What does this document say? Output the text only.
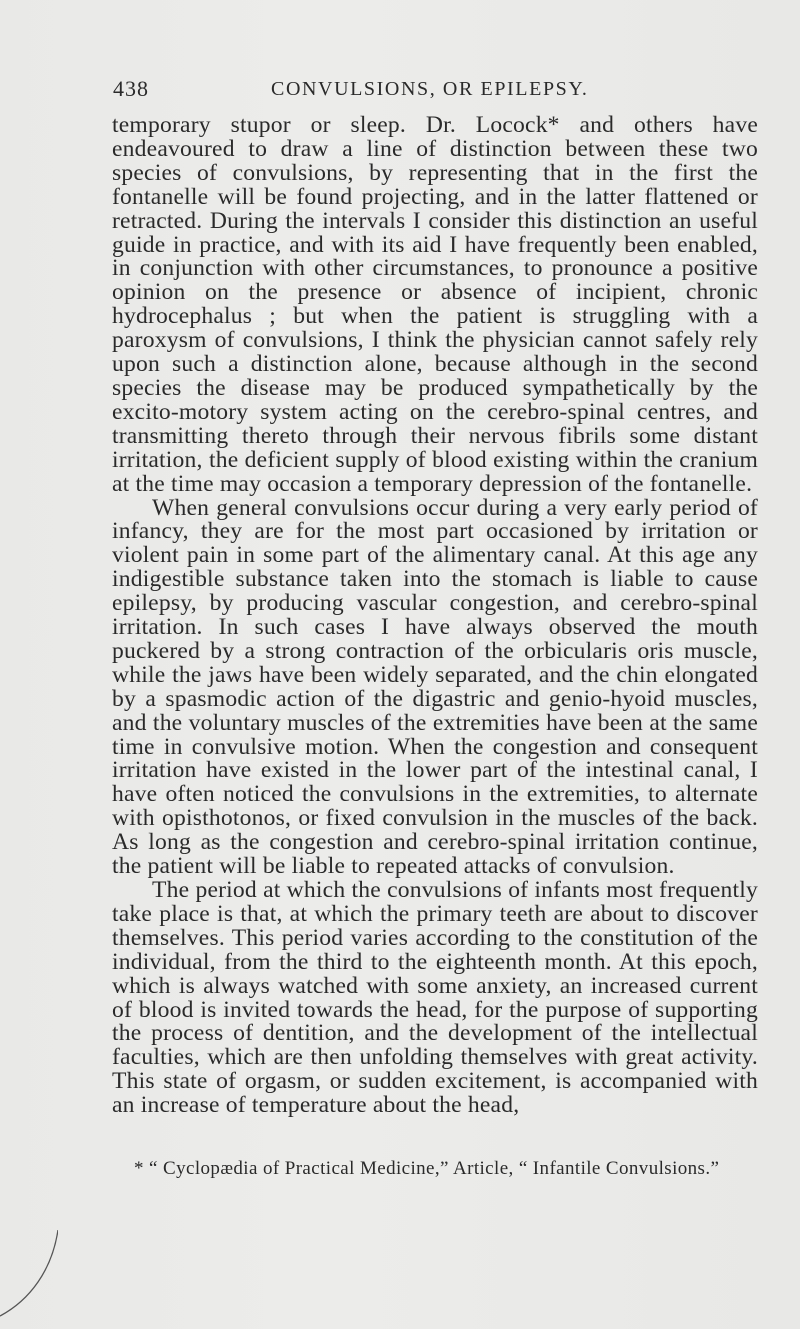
438	CONVULSIONS, OR EPILEPSY.

temporary stupor or sleep. Dr. Locock* and others have endeavoured to draw a line of distinction between these two species of convulsions, by representing that in the first the fontanelle will be found projecting, and in the latter flattened or retracted. During the intervals I consider this distinction an useful guide in practice, and with its aid I have frequently been enabled, in conjunction with other circumstances, to pronounce a positive opinion on the presence or absence of incipient, chronic hydrocephalus ; but when the patient is struggling with a paroxysm of convulsions, I think the physician cannot safely rely upon such a distinction alone, because although in the second species the disease may be produced sympathetically by the excito-motory system acting on the cerebro-spinal centres, and transmitting thereto through their nervous fibrils some distant irritation, the deficient supply of blood existing within the cranium at the time may occasion a temporary depression of the fontanelle.

When general convulsions occur during a very early period of infancy, they are for the most part occasioned by irritation or violent pain in some part of the alimentary canal. At this age any indigestible substance taken into the stomach is liable to cause epilepsy, by producing vascular congestion, and cerebro-spinal irritation. In such cases I have always observed the mouth puckered by a strong contraction of the orbicularis oris muscle, while the jaws have been widely separated, and the chin elongated by a spasmodic action of the digastric and genio-hyoid muscles, and the voluntary muscles of the extremities have been at the same time in convulsive motion. When the congestion and consequent irritation have existed in the lower part of the intestinal canal, I have often noticed the convulsions in the extremities, to alternate with opisthotonos, or fixed convulsion in the muscles of the back. As long as the congestion and cerebro-spinal irritation continue, the patient will be liable to repeated attacks of convulsion.

The period at which the convulsions of infants most frequently take place is that, at which the primary teeth are about to discover themselves. This period varies according to the constitution of the individual, from the third to the eighteenth month. At this epoch, which is always watched with some anxiety, an increased current of blood is invited towards the head, for the purpose of supporting the process of dentition, and the development of the intellectual faculties, which are then unfolding themselves with great activity. This state of orgasm, or sudden excitement, is accompanied with an increase of temperature about the head,

* “ Cyclopædia of Practical Medicine,” Article, “ Infantile Convulsions.”
